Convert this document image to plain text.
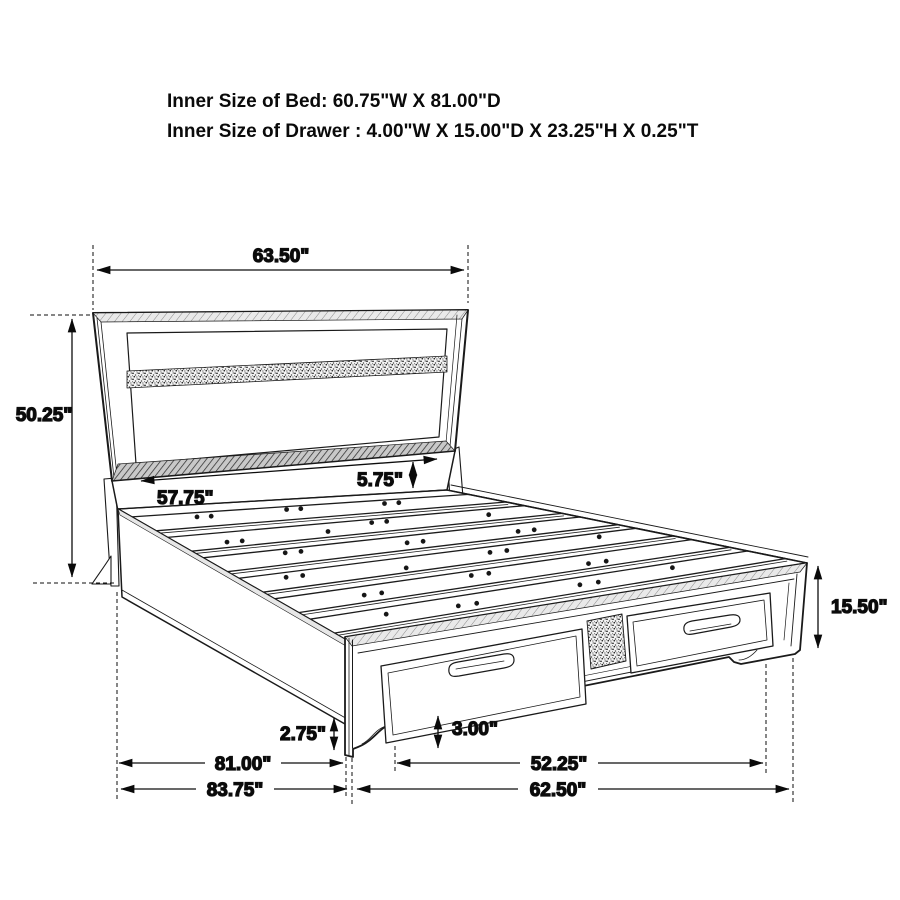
Inner Size of Bed: 60.75"W X 81.00"D
Inner Size of Drawer : 4.00"W X 15.00"D X 23.25"H X 0.25"T
63.50"
50.25"
57.75"
5.75"
15.50"
2.75"	3.00"
81.00"	52.25"
83.75"	62.50"
